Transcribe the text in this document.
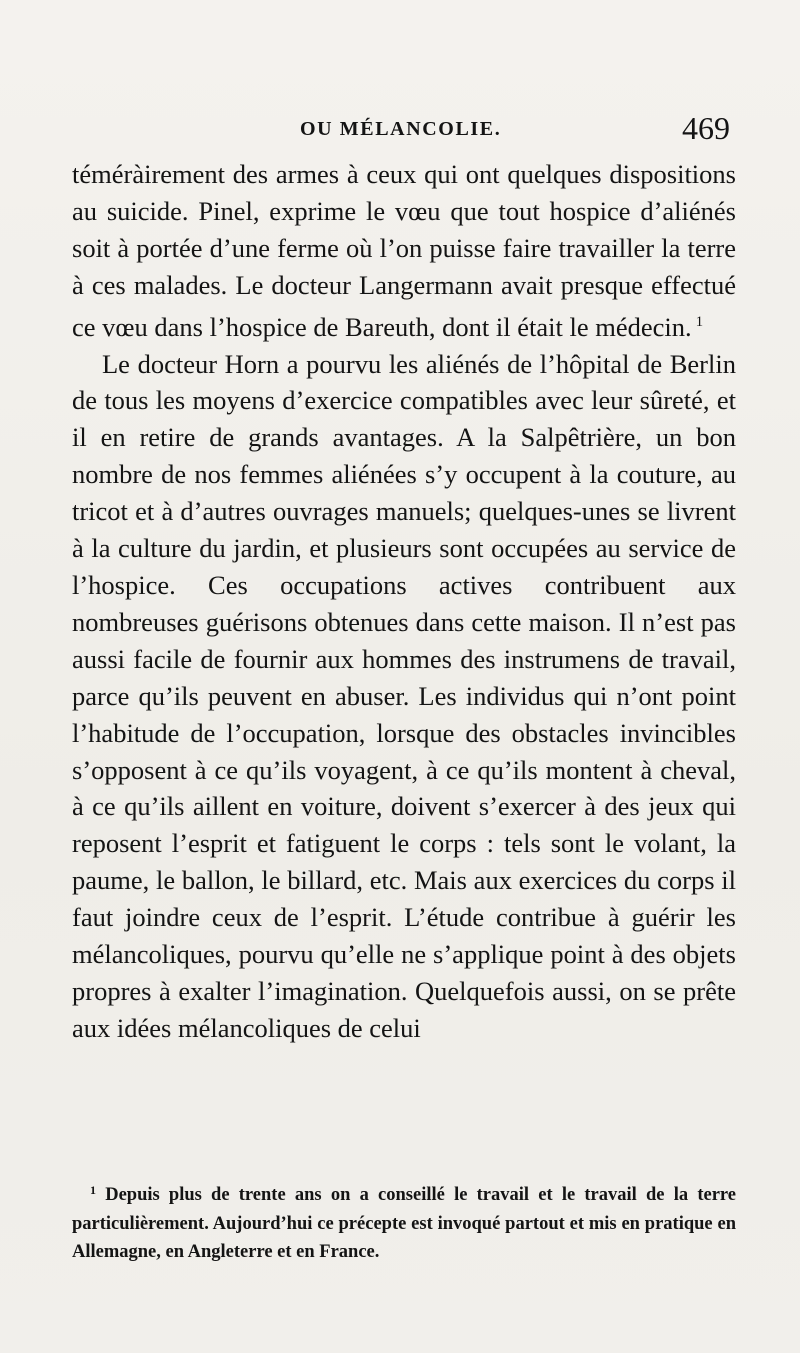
OU MÉLANCOLIE.	469

téméràirement des armes à ceux qui ont quelques dispositions au suicide. Pinel, exprime le vœu que tout hospice d’aliénés soit à portée d’une ferme où l’on puisse faire travailler la terre à ces malades. Le docteur Langermann avait presque effectué ce vœu dans l’hospice de Bareuth, dont il était le médecin. $^1$

Le docteur Horn a pourvu les aliénés de l’hôpital de Berlin de tous les moyens d’exercice compatibles avec leur sûreté, et il en retire de grands avantages. A la Salpêtrière, un bon nombre de nos femmes aliénées s’y occupent à la couture, au tricot et à d’autres ouvrages manuels; quelques-unes se livrent à la culture du jardin, et plusieurs sont occupées au service de l’hospice. Ces occupations actives contribuent aux nombreuses guérisons obtenues dans cette maison. Il n’est pas aussi facile de fournir aux hommes des instrumens de travail, parce qu’ils peuvent en abuser. Les individus qui n’ont point l’habitude de l’occupation, lorsque des obstacles invincibles s’opposent à ce qu’ils voyagent, à ce qu’ils montent à cheval, à ce qu’ils aillent en voiture, doivent s’exercer à des jeux qui reposent l’esprit et fatiguent le corps : tels sont le volant, la paume, le ballon, le billard, etc. Mais aux exercices du corps il faut joindre ceux de l’esprit. L’étude contribue à guérir les mélancoliques, pourvu qu’elle ne s’applique point à des objets propres à exalter l’imagination. Quelquefois aussi, on se prête aux idées mélancoliques de celui

$^1$ Depuis plus de trente ans on a conseillé le travail et le travail de la terre particulièrement. Aujourd’hui ce précepte est invoqué partout et mis en pratique en Allemagne, en Angleterre et en France.
